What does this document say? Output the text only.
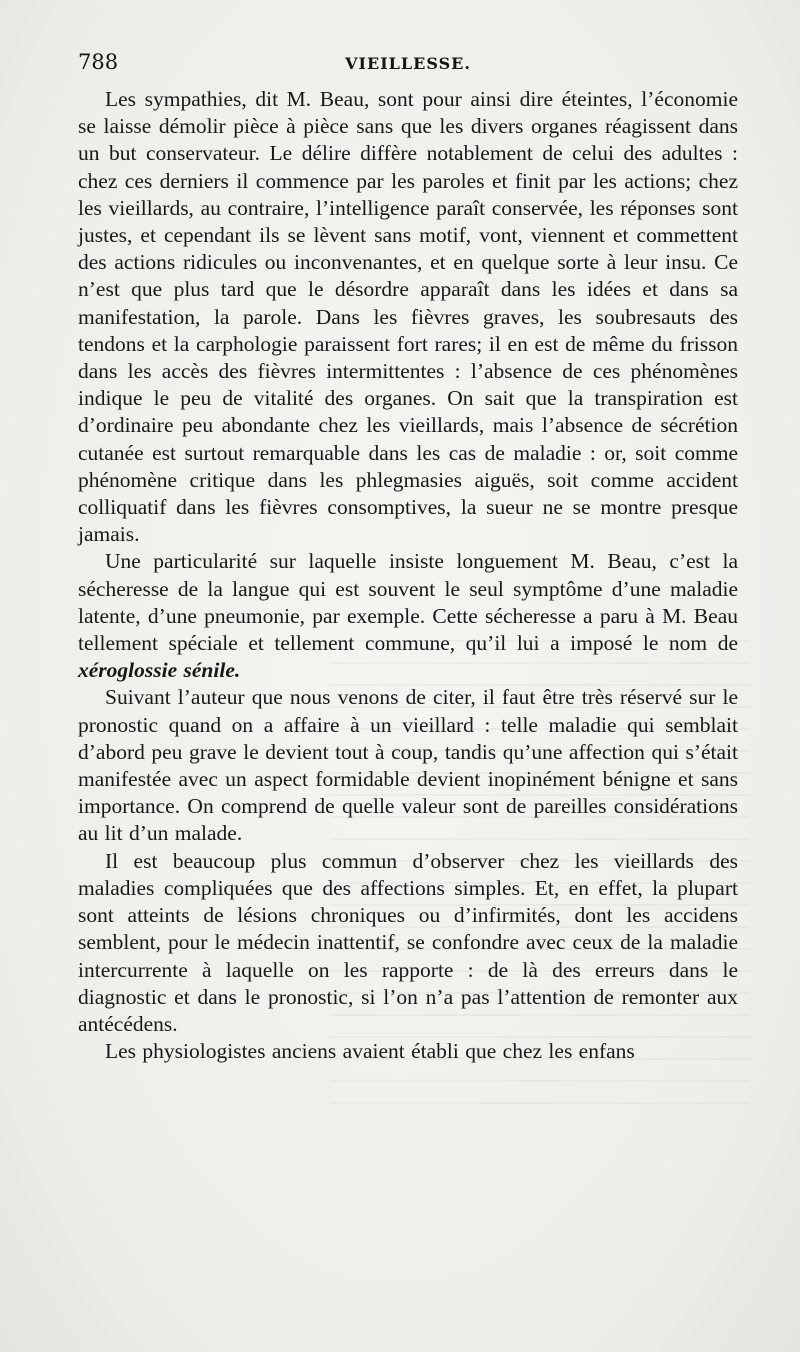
788	VIEILLESSE.

Les sympathies, dit M. Beau, sont pour ainsi dire éteintes, l’économie se laisse démolir pièce à pièce sans que les divers organes réagissent dans un but conservateur. Le délire diffère notablement de celui des adultes : chez ces derniers il commence par les paroles et finit par les actions; chez les vieillards, au contraire, l’intelligence paraît conservée, les réponses sont justes, et cependant ils se lèvent sans motif, vont, viennent et commettent des actions ridicules ou inconvenantes, et en quelque sorte à leur insu. Ce n’est que plus tard que le désordre apparaît dans les idées et dans sa manifestation, la parole. Dans les fièvres graves, les soubresauts des tendons et la carphologie paraissent fort rares; il en est de même du frisson dans les accès des fièvres intermittentes : l’absence de ces phénomènes indique le peu de vitalité des organes. On sait que la transpiration est d’ordinaire peu abondante chez les vieillards, mais l’absence de sécrétion cutanée est surtout remarquable dans les cas de maladie : or, soit comme phénomène critique dans les phlegmasies aiguës, soit comme accident colliquatif dans les fièvres consomptives, la sueur ne se montre presque jamais.

Une particularité sur laquelle insiste longuement M. Beau, c’est la sécheresse de la langue qui est souvent le seul symptôme d’une maladie latente, d’une pneumonie, par exemple. Cette sécheresse a paru à M. Beau tellement spéciale et tellement commune, qu’il lui a imposé le nom de xéroglossie sénile.

Suivant l’auteur que nous venons de citer, il faut être très réservé sur le pronostic quand on a affaire à un vieillard : telle maladie qui semblait d’abord peu grave le devient tout à coup, tandis qu’une affection qui s’était manifestée avec un aspect formidable devient inopinément bénigne et sans importance. On comprend de quelle valeur sont de pareilles considérations au lit d’un malade.

Il est beaucoup plus commun d’observer chez les vieillards des maladies compliquées que des affections simples. Et, en effet, la plupart sont atteints de lésions chroniques ou d’infirmités, dont les accidens semblent, pour le médecin inattentif, se confondre avec ceux de la maladie intercurrente à laquelle on les rapporte : de là des erreurs dans le diagnostic et dans le pronostic, si l’on n’a pas l’attention de remonter aux antécédens.

Les physiologistes anciens avaient établi que chez les enfans
